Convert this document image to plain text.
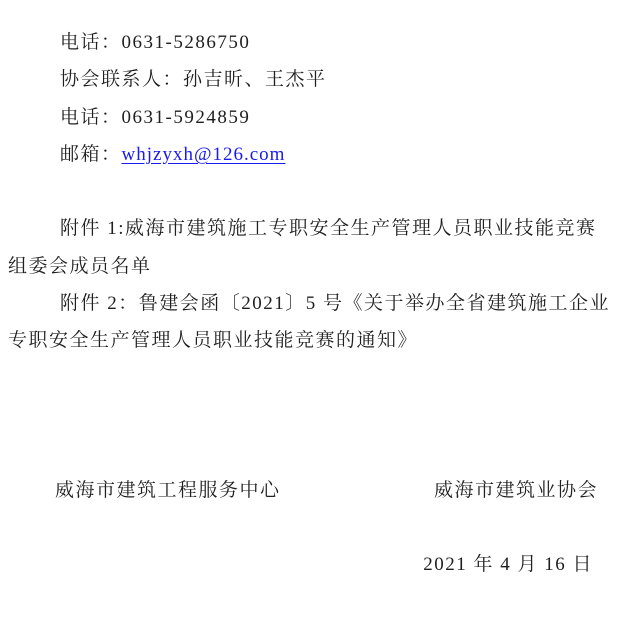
电话：0631-5286750
协会联系人：孙吉昕、王杰平
电话：0631-5924859
邮箱：whjzyxh@126.com
附件 1:威海市建筑施工专职安全生产管理人员职业技能竞赛
组委会成员名单
附件 2：鲁建会函〔2021〕5 号《关于举办全省建筑施工企业
专职安全生产管理人员职业技能竞赛的通知》
威海市建筑工程服务中心	威海市建筑业协会
2021 年 4 月 16 日
